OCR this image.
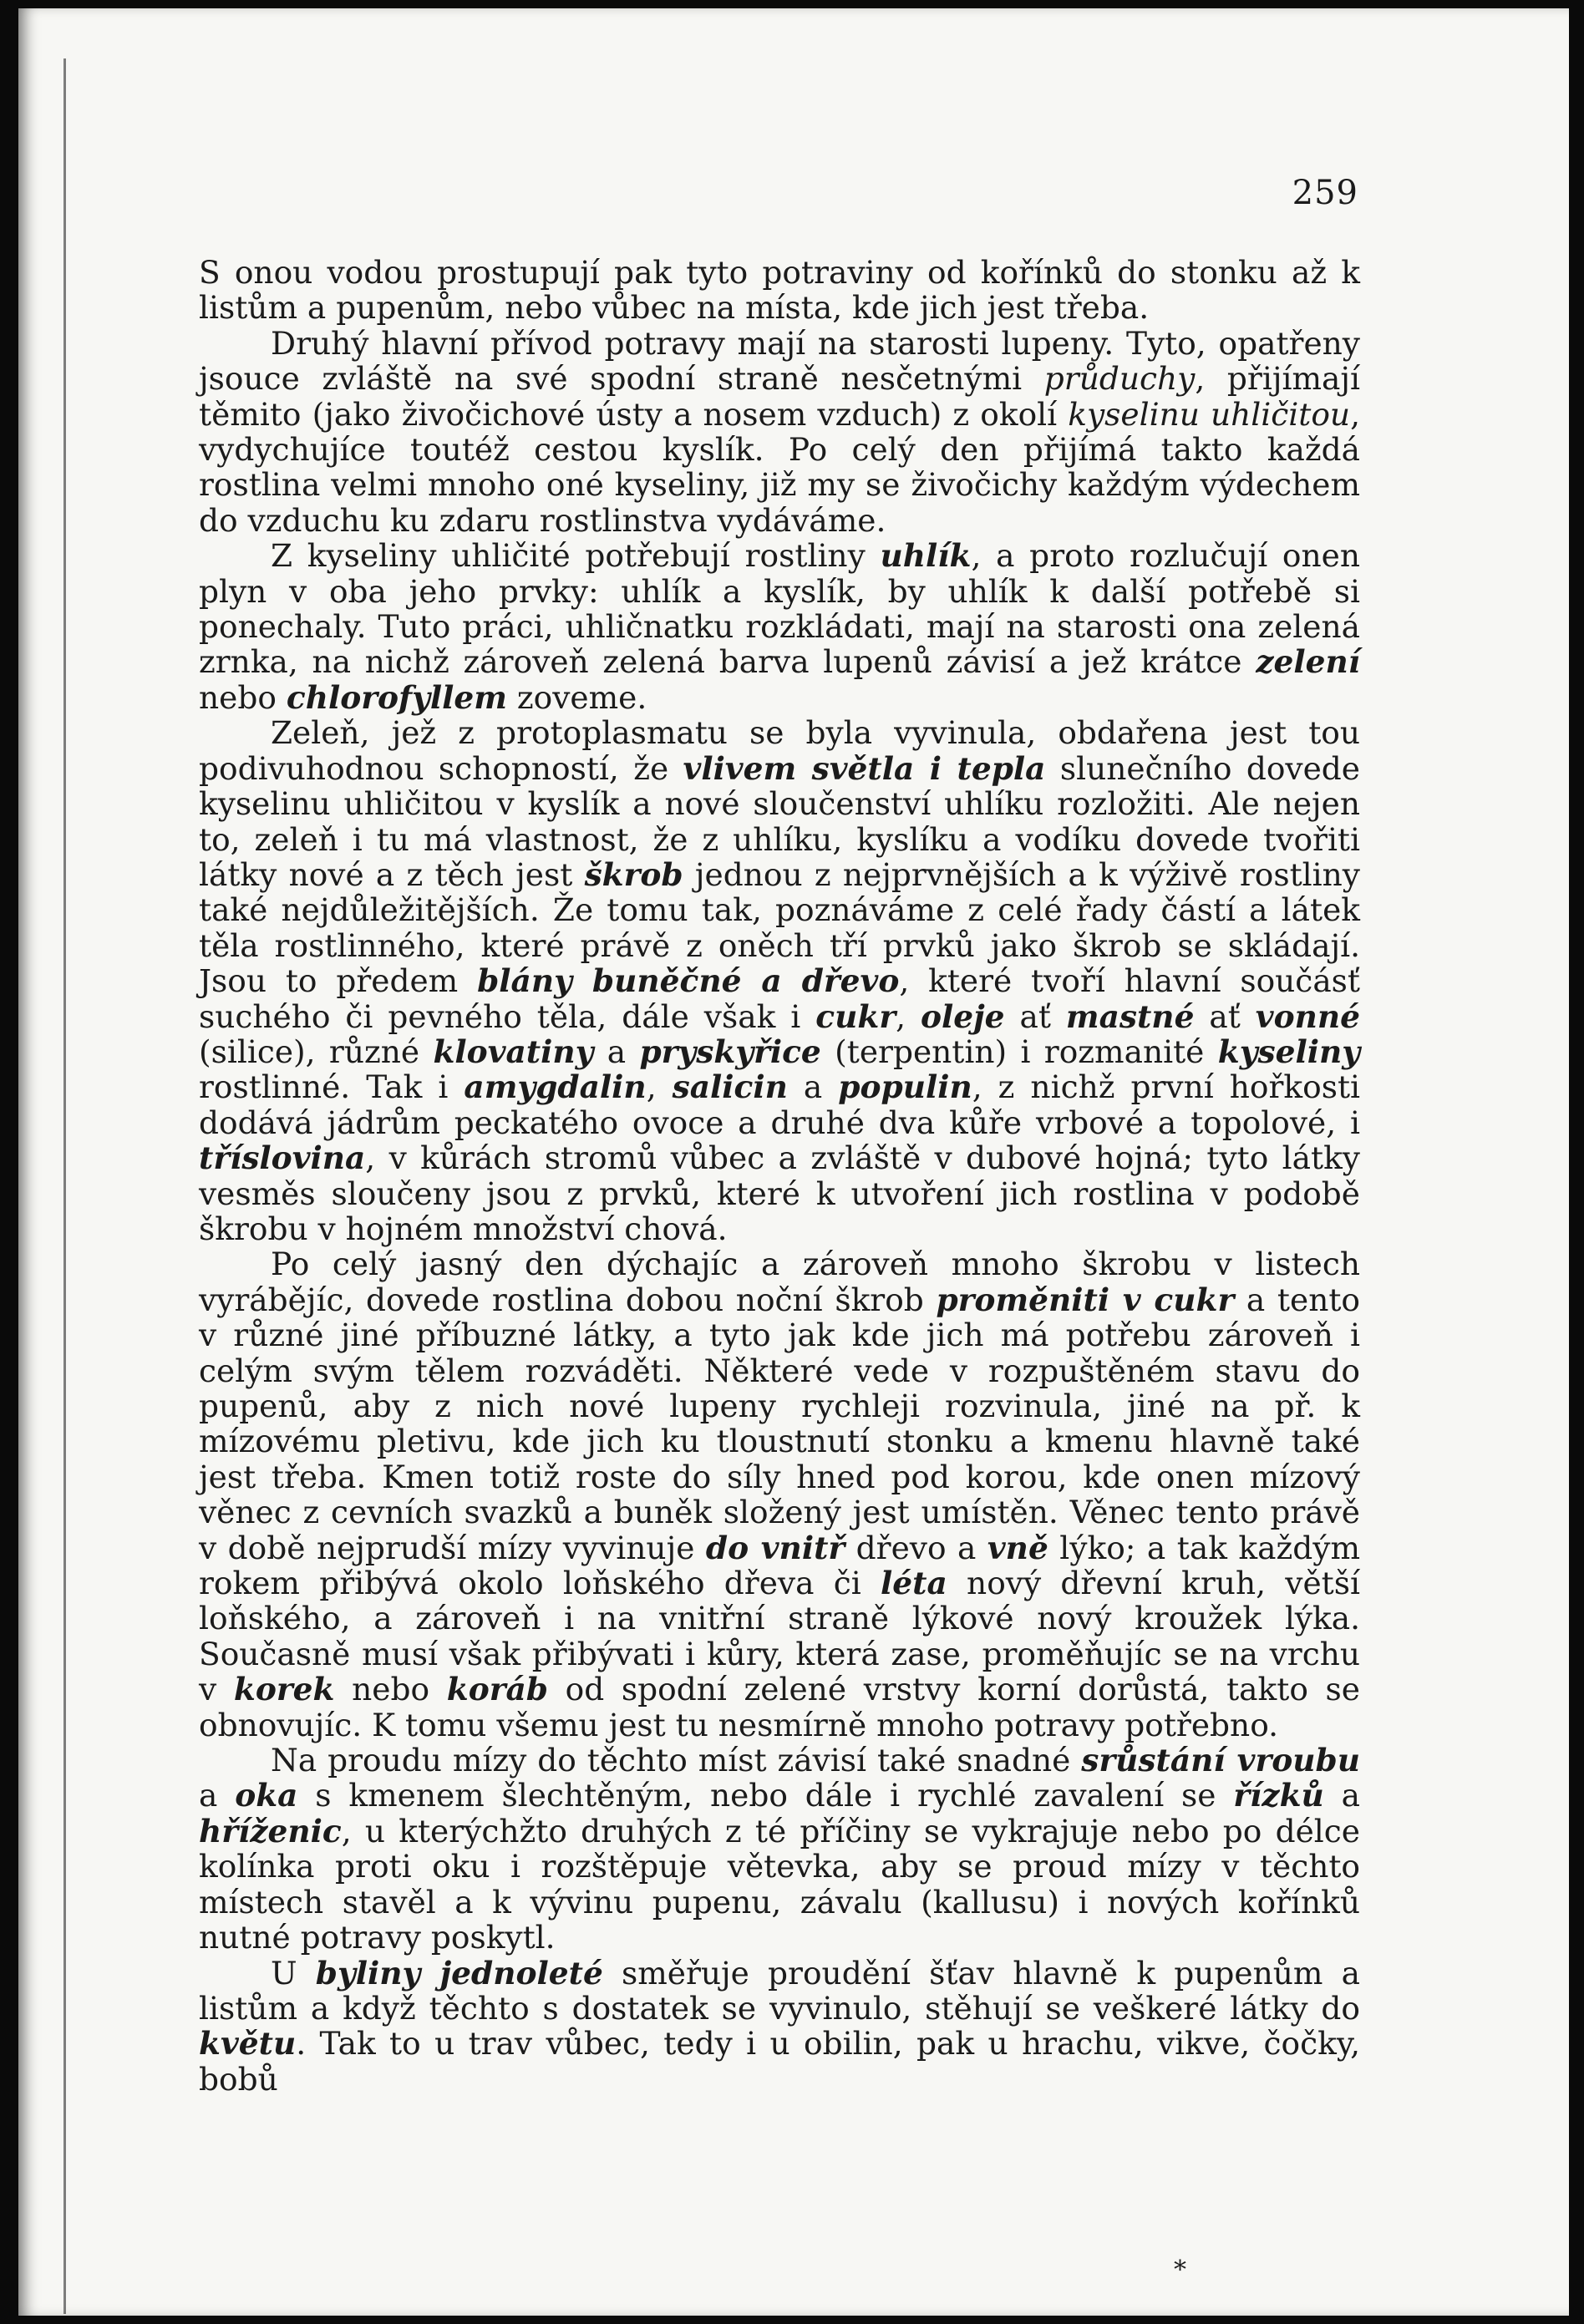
259

S onou vodou prostupují pak tyto potraviny od kořínků do stonku až k listům a pupenům, nebo vůbec na místa, kde jich jest třeba.

Druhý hlavní přívod potravy mají na starosti lupeny. Tyto, opatřeny jsouce zvláště na své spodní straně nesčetnými průduchy, přijímají těmito (jako živočichové ústy a nosem vzduch) z okolí kyselinu uhličitou, vydychujíce toutéž cestou kyslík. Po celý den přijímá takto každá rostlina velmi mnoho oné kyseliny, již my se živočichy každým výdechem do vzduchu ku zdaru rostlinstva vydáváme.

Z kyseliny uhličité potřebují rostliny uhlík, a proto rozlučují onen plyn v oba jeho prvky: uhlík a kyslík, by uhlík k další potřebě si ponechaly. Tuto práci, uhličnatku rozkládati, mají na starosti ona zelená zrnka, na nichž zároveň zelená barva lupenů závisí a jež krátce zelení nebo chlorofyllem zoveme.

Zeleň, jež z protoplasmatu se byla vyvinula, obdařena jest tou podivuhodnou schopností, že vlivem světla i tepla slunečního dovede kyselinu uhličitou v kyslík a nové sloučenství uhlíku rozložiti. Ale nejen to, zeleň i tu má vlastnost, že z uhlíku, kyslíku a vodíku dovede tvořiti látky nové a z těch jest škrob jednou z nejprvnějších a k výživě rostliny také nejdůležitějších. Že tomu tak, poznáváme z celé řady částí a látek těla rostlinného, které právě z oněch tří prvků jako škrob se skládají. Jsou to předem blány buněčné a dřevo, které tvoří hlavní součásť suchého či pevného těla, dále však i cukr, oleje ať mastné ať vonné (silice), různé klovatiny a pryskyřice (terpentin) i rozmanité kyseliny rostlinné. Tak i amygdalin, salicin a populin, z nichž první hořkosti dodává jádrům peckatého ovoce a druhé dva kůře vrbové a topolové, i tříslovina, v kůrách stromů vůbec a zvláště v dubové hojná; tyto látky vesměs sloučeny jsou z prvků, které k utvoření jich rostlina v podobě škrobu v hojném množství chová.

Po celý jasný den dýchajíc a zároveň mnoho škrobu v listech vyrábějíc, dovede rostlina dobou noční škrob proměniti v cukr a tento v různé jiné příbuzné látky, a tyto jak kde jich má potřebu zároveň i celým svým tělem rozváděti. Některé vede v rozpuštěném stavu do pupenů, aby z nich nové lupeny rychleji rozvinula, jiné na př. k mízovému pletivu, kde jich ku tloustnutí stonku a kmenu hlavně také jest třeba. Kmen totiž roste do síly hned pod korou, kde onen mízový věnec z cevních svazků a buněk složený jest umístěn. Věnec tento právě v době nejprudší mízy vyvinuje do vnitř dřevo a vně lýko; a tak každým rokem přibývá okolo loňského dřeva či léta nový dřevní kruh, větší loňského, a zároveň i na vnitřní straně lýkové nový kroužek lýka. Současně musí však přibývati i kůry, která zase, proměňujíc se na vrchu v korek nebo koráb od spodní zelené vrstvy korní dorůstá, takto se obnovujíc. K tomu všemu jest tu nesmírně mnoho potravy potřebno.

Na proudu mízy do těchto míst závisí také snadné srůstání vroubu a oka s kmenem šlechtěným, nebo dále i rychlé zavalení se řízků a hříženic, u kterýchžto druhých z té příčiny se vykrajuje nebo po délce kolínka proti oku i rozštěpuje větevka, aby se proud mízy v těchto místech stavěl a k vývinu pupenu, závalu (kallusu) i nových kořínků nutné potravy poskytl.

U byliny jednoleté směřuje proudění šťav hlavně k pupenům a listům a když těchto s dostatek se vyvinulo, stěhují se veškeré látky do květu. Tak to u trav vůbec, tedy i u obilin, pak u hrachu, vikve, čočky, bobů

*
